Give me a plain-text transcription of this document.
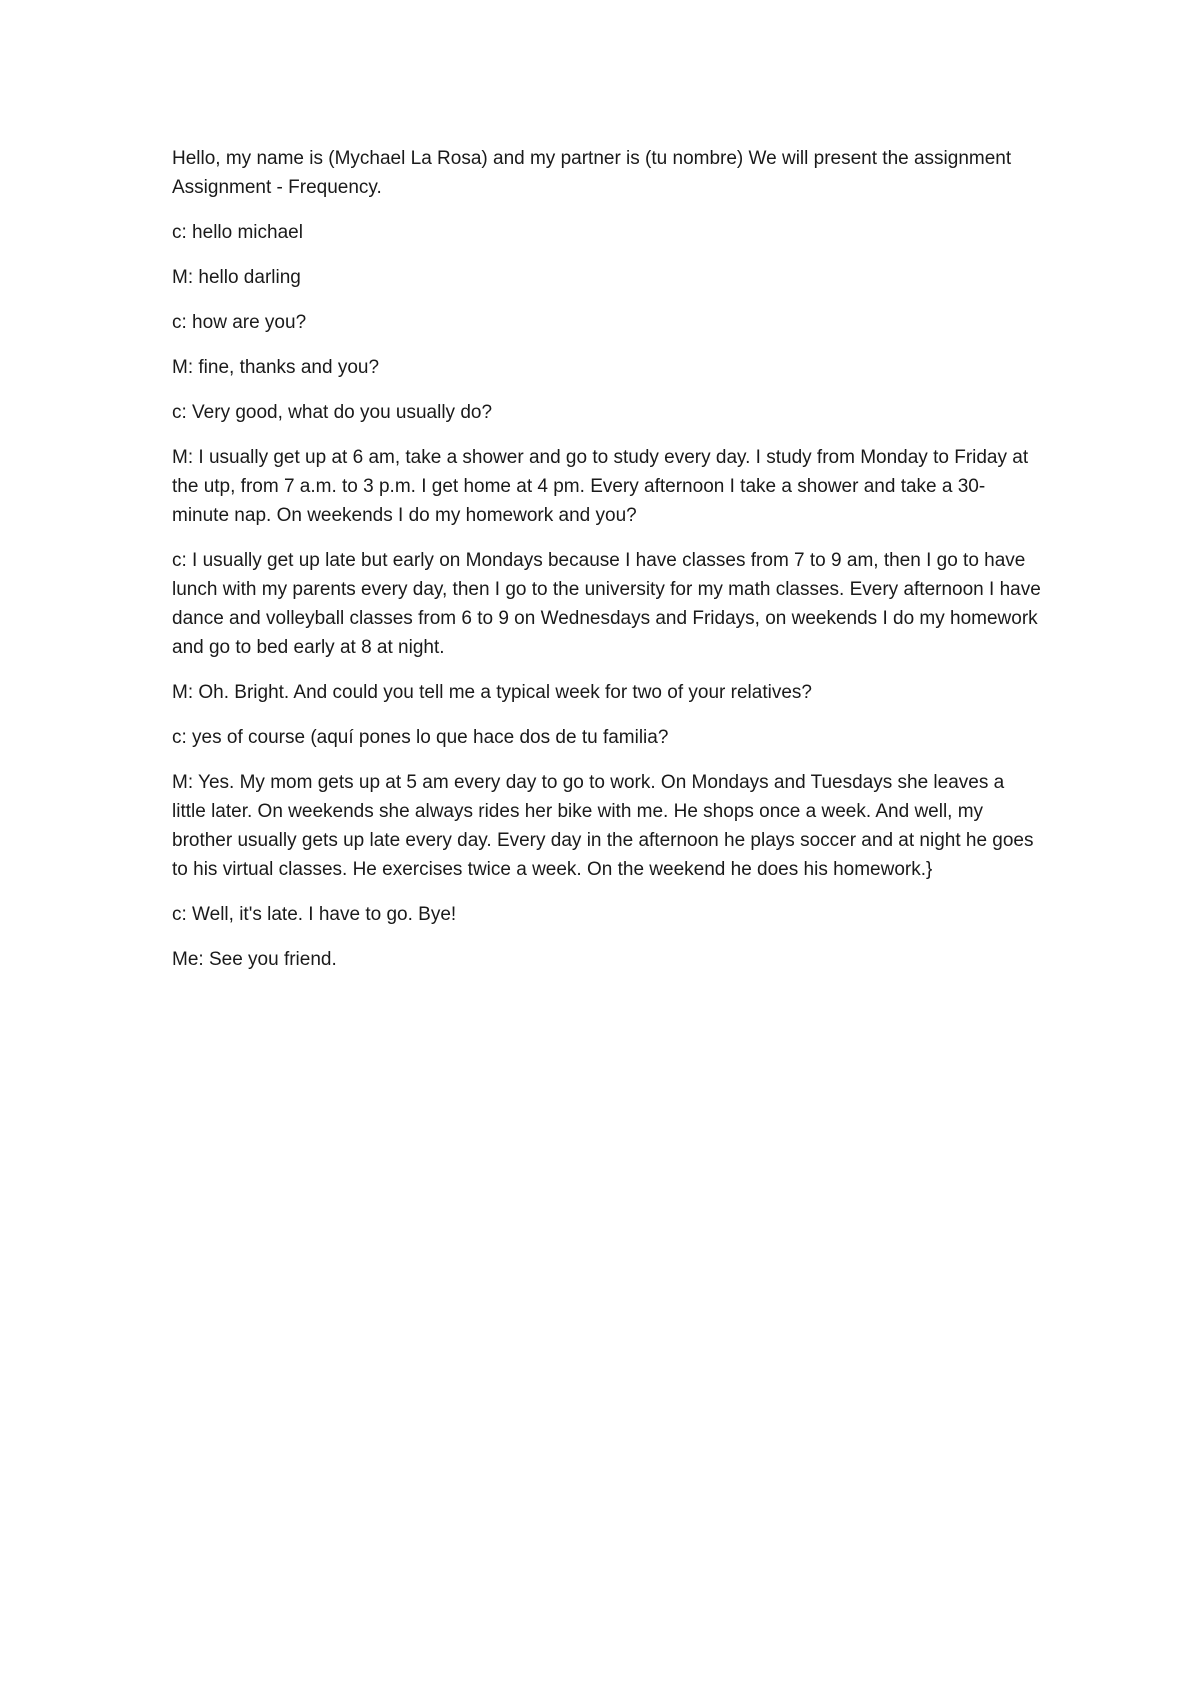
Hello, my name is (Mychael La Rosa) and my partner is (tu nombre) We will present the assignment Assignment - Frequency.

c: hello michael

M: hello darling

c: how are you?

M: fine, thanks and you?

c: Very good, what do you usually do?

M: I usually get up at 6 am, take a shower and go to study every day. I study from Monday to Friday at the utp, from 7 a.m. to 3 p.m. I get home at 4 pm. Every afternoon I take a shower and take a 30-minute nap. On weekends I do my homework and you?

c: I usually get up late but early on Mondays because I have classes from 7 to 9 am, then I go to have lunch with my parents every day, then I go to the university for my math classes. Every afternoon I have dance and volleyball classes from 6 to 9 on Wednesdays and Fridays, on weekends I do my homework and go to bed early at 8 at night.

M: Oh. Bright. And could you tell me a typical week for two of your relatives?

c: yes of course (aquí pones lo que hace dos de tu familia?

M: Yes. My mom gets up at 5 am every day to go to work. On Mondays and Tuesdays she leaves a little later. On weekends she always rides her bike with me. He shops once a week. And well, my brother usually gets up late every day. Every day in the afternoon he plays soccer and at night he goes to his virtual classes. He exercises twice a week. On the weekend he does his homework.}

c: Well, it's late. I have to go. Bye!

Me: See you friend.
